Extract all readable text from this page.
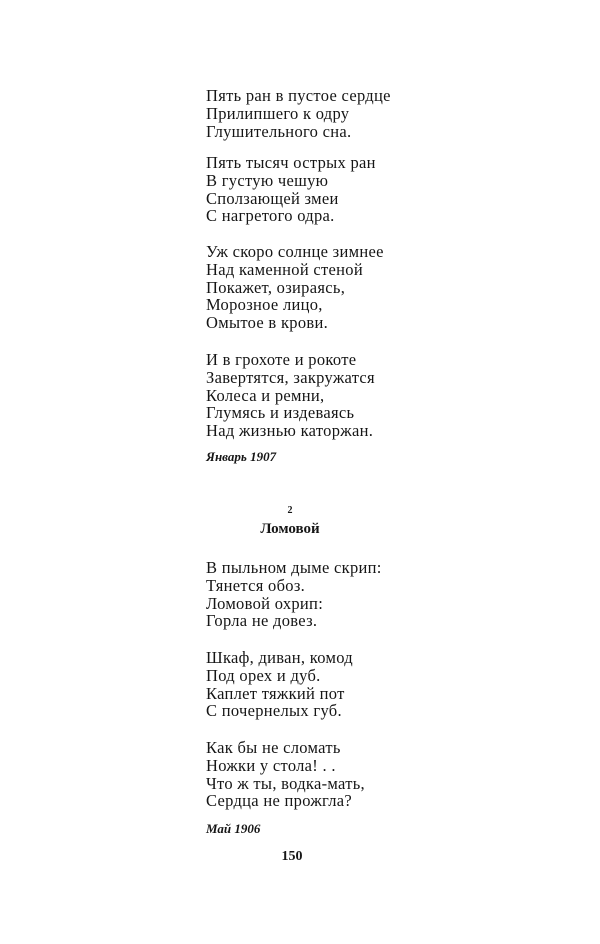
Пять ран в пустое сердце
Прилипшего к одру
Глушительного сна.
Пять тысяч острых ран
В густую чешую
Сползающей змеи
С нагретого одра.
Уж скоро солнце зимнее
Над каменной стеной
Покажет, озираясь,
Морозное лицо,
Омытое в крови.
И в грохоте и рокоте
Завертятся, закружатся
Колеса и ремни,
Глумясь и издеваясь
Над жизнью каторжан.
Январь 1907
2
Ломовой
В пыльном дыме скрип:
Тянется обоз.
Ломовой охрип:
Горла не довез.
Шкаф, диван, комод
Под орех и дуб.
Каплет тяжкий пот
С почернелых губ.
Как бы не сломать
Ножки у стола! . .
Что ж ты, водка-мать,
Сердца не прожгла?
Май 1906
150
